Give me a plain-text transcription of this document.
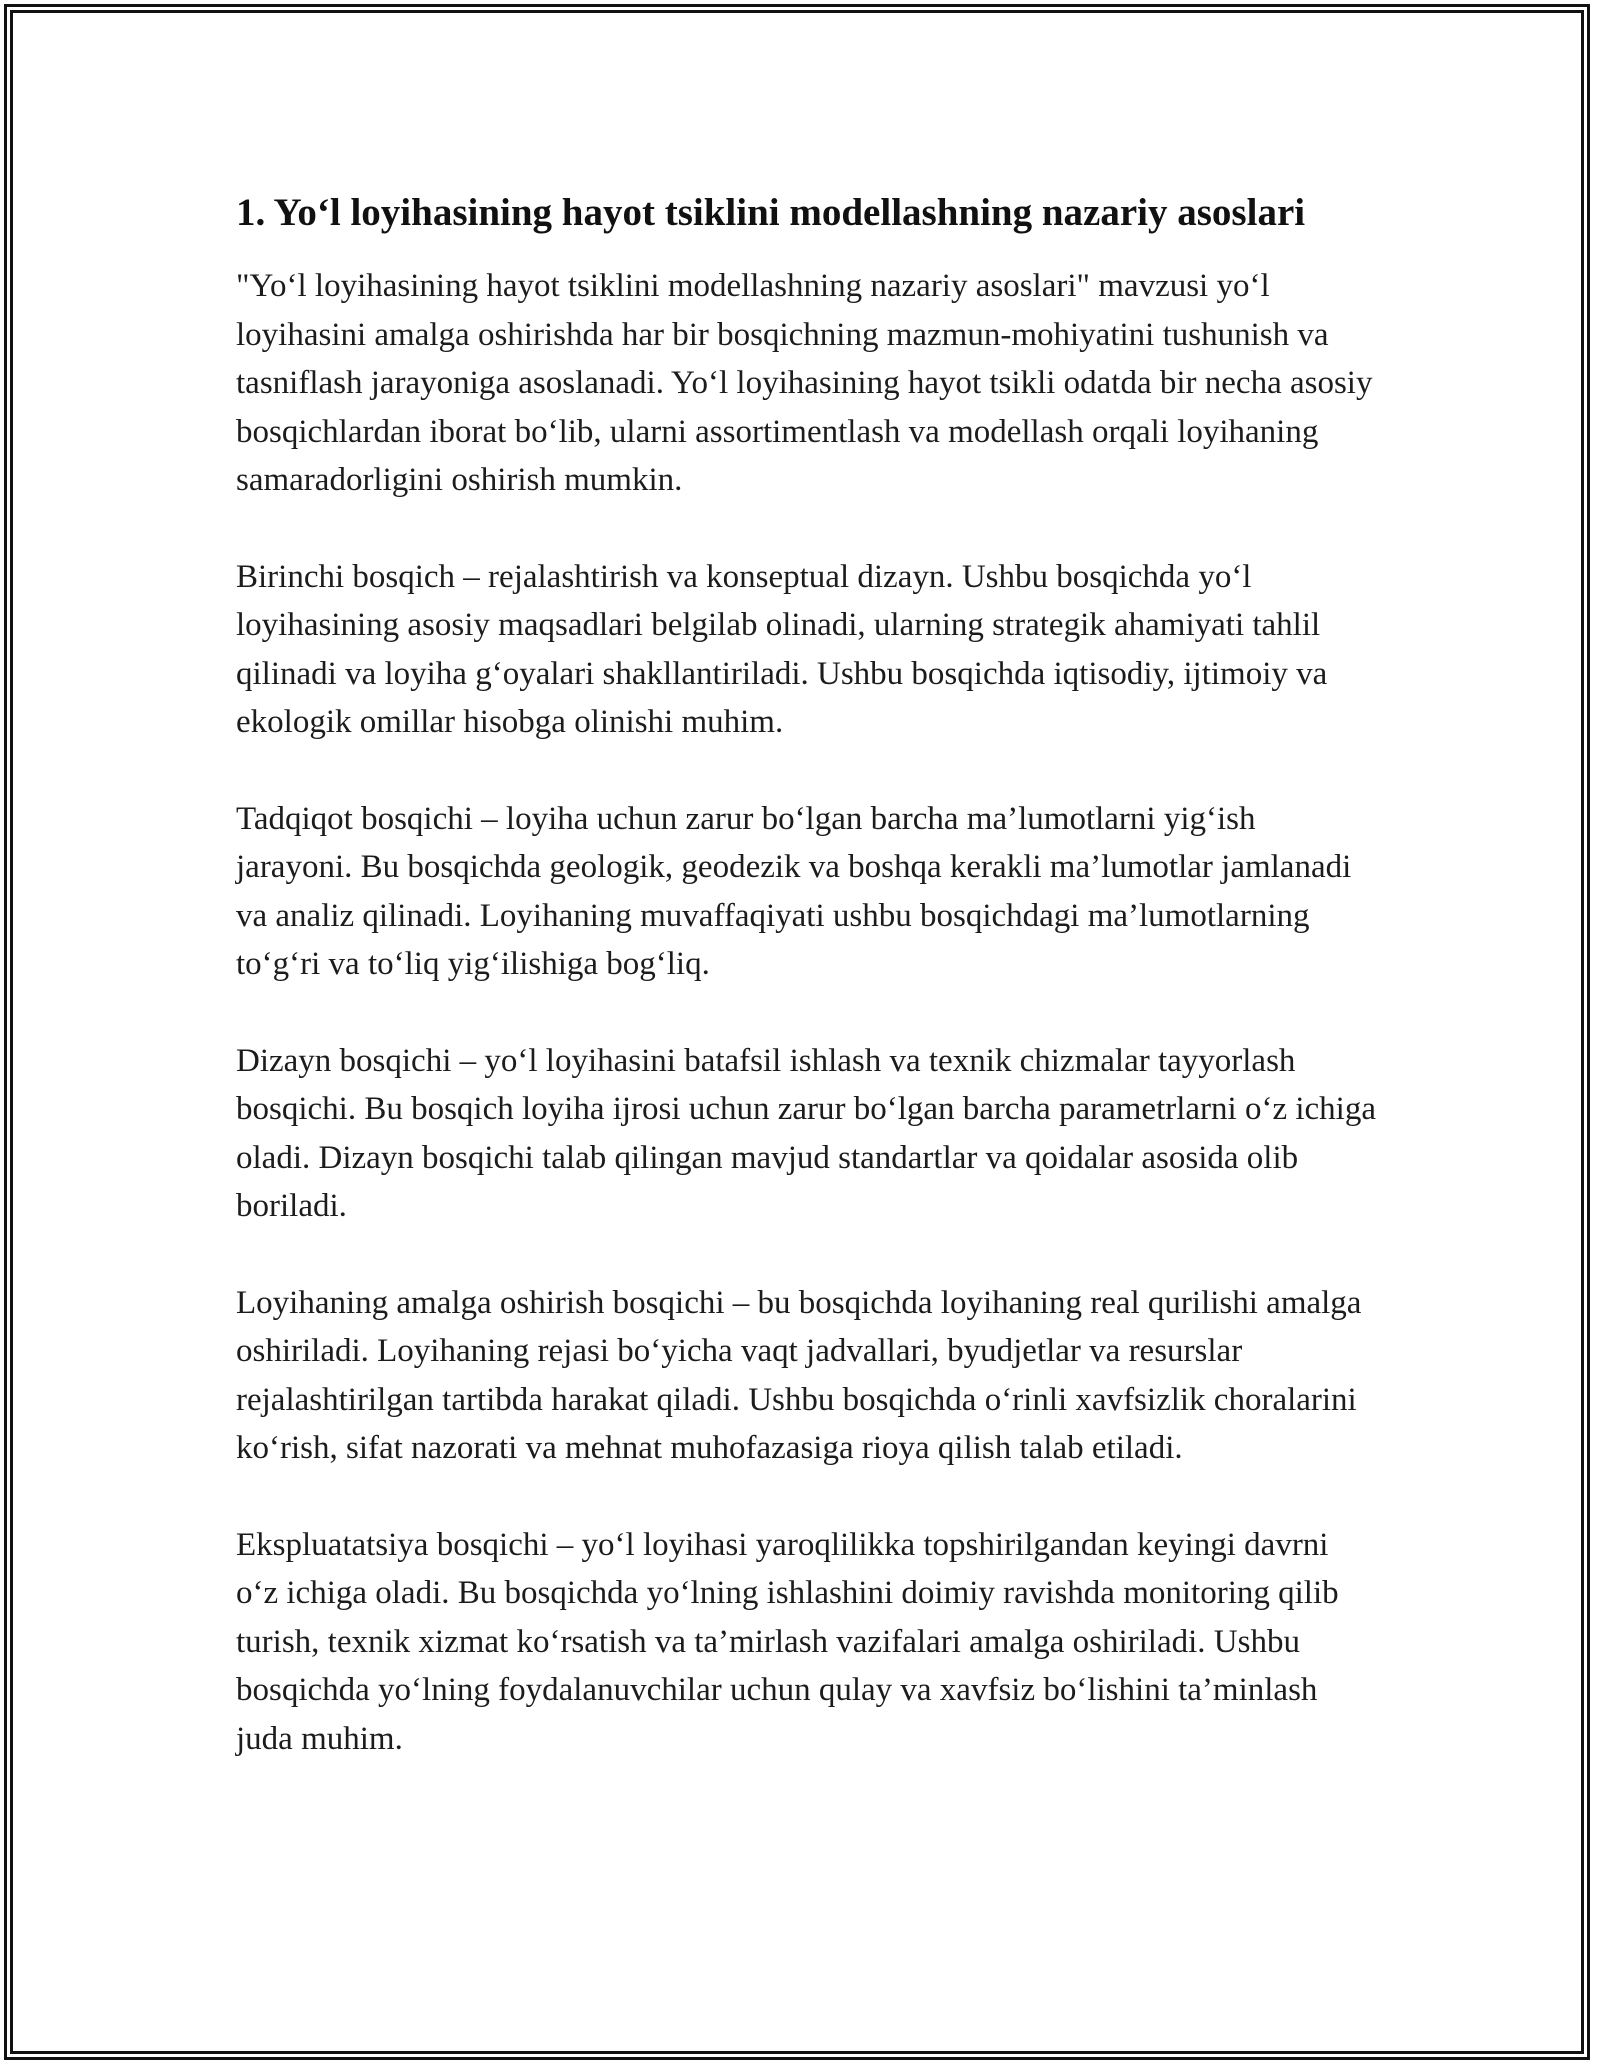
1. Yo‘l loyihasining hayot tsiklini modellashning nazariy asoslari

"Yo‘l loyihasining hayot tsiklini modellashning nazariy asoslari" mavzusi yo‘l loyihasini amalga oshirishda har bir bosqichning mazmun-mohiyatini tushunish va tasniflash jarayoniga asoslanadi. Yo‘l loyihasining hayot tsikli odatda bir necha asosiy bosqichlardan iborat bo‘lib, ularni assortimentlash va modellash orqali loyihaning samaradorligini oshirish mumkin.

Birinchi bosqich – rejalashtirish va konseptual dizayn. Ushbu bosqichda yo‘l loyihasining asosiy maqsadlari belgilab olinadi, ularning strategik ahamiyati tahlil qilinadi va loyiha g‘oyalari shakllantiriladi. Ushbu bosqichda iqtisodiy, ijtimoiy va ekologik omillar hisobga olinishi muhim.

Tadqiqot bosqichi – loyiha uchun zarur bo‘lgan barcha ma’lumotlarni yig‘ish jarayoni. Bu bosqichda geologik, geodezik va boshqa kerakli ma’lumotlar jamlanadi va analiz qilinadi. Loyihaning muvaffaqiyati ushbu bosqichdagi ma’lumotlarning to‘g‘ri va to‘liq yig‘ilishiga bog‘liq.

Dizayn bosqichi – yo‘l loyihasini batafsil ishlash va texnik chizmalar tayyorlash bosqichi. Bu bosqich loyiha ijrosi uchun zarur bo‘lgan barcha parametrlarni o‘z ichiga oladi. Dizayn bosqichi talab qilingan mavjud standartlar va qoidalar asosida olib boriladi.

Loyihaning amalga oshirish bosqichi – bu bosqichda loyihaning real qurilishi amalga oshiriladi. Loyihaning rejasi bo‘yicha vaqt jadvallari, byudjetlar va resurslar rejalashtirilgan tartibda harakat qiladi. Ushbu bosqichda o‘rinli xavfsizlik choralarini ko‘rish, sifat nazorati va mehnat muhofazasiga rioya qilish talab etiladi.

Ekspluatatsiya bosqichi – yo‘l loyihasi yaroqlilikka topshirilgandan keyingi davrni o‘z ichiga oladi. Bu bosqichda yo‘lning ishlashini doimiy ravishda monitoring qilib turish, texnik xizmat ko‘rsatish va ta’mirlash vazifalari amalga oshiriladi. Ushbu bosqichda yo‘lning foydalanuvchilar uchun qulay va xavfsiz bo‘lishini ta’minlash juda muhim.
